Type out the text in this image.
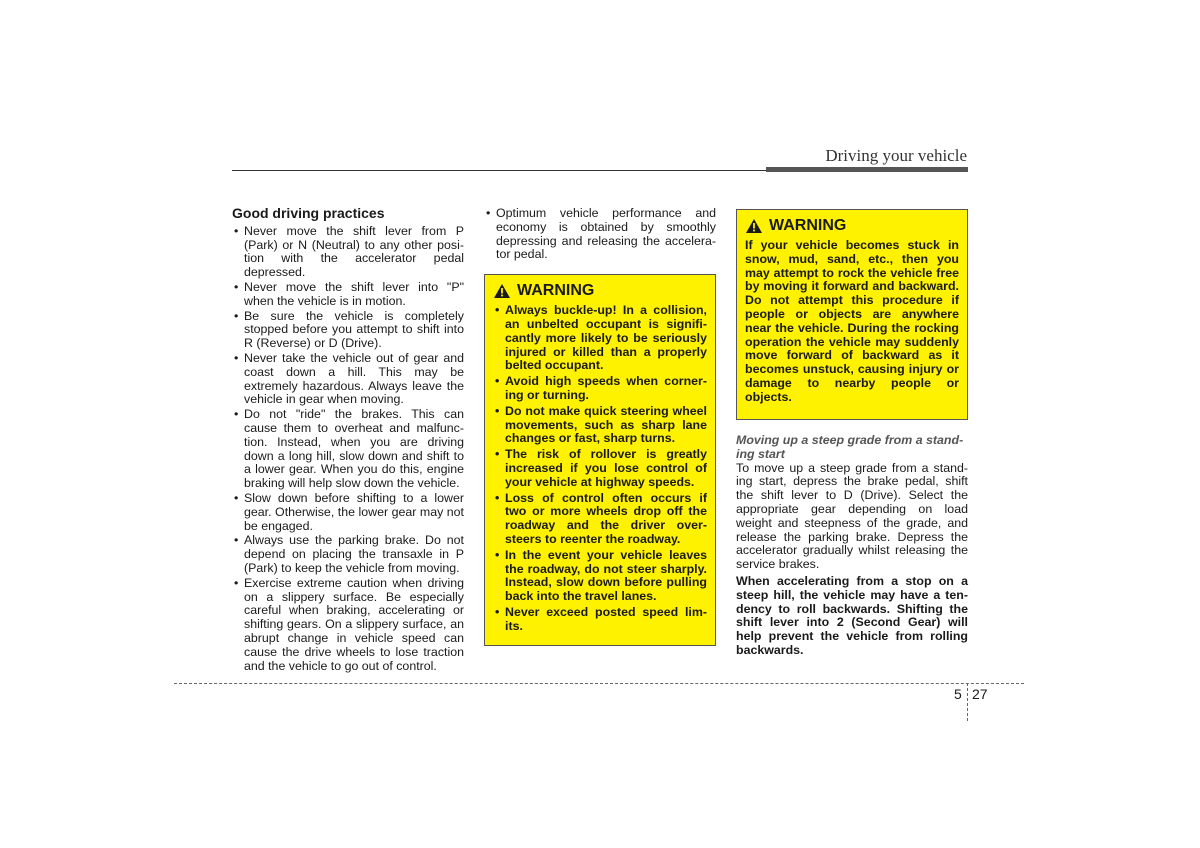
Driving your vehicle
Good driving practices
• Never move the shift lever from P (Park) or N (Neutral) to any other posi-tion with the accelerator pedal depressed.
• Never move the shift lever into "P" when the vehicle is in motion.
• Be sure the vehicle is completely stopped before you attempt to shift into R (Reverse) or D (Drive).
• Never take the vehicle out of gear and coast down a hill. This may be extremely hazardous. Always leave the vehicle in gear when moving.
• Do not "ride" the brakes. This can cause them to overheat and malfunc-tion. Instead, when you are driving down a long hill, slow down and shift to a lower gear. When you do this, engine braking will help slow down the vehicle.
• Slow down before shifting to a lower gear. Otherwise, the lower gear may not be engaged.
• Always use the parking brake. Do not depend on placing the transaxle in P (Park) to keep the vehicle from moving.
• Exercise extreme caution when driving on a slippery surface. Be especially careful when braking, accelerating or shifting gears. On a slippery surface, an abrupt change in vehicle speed can cause the drive wheels to lose traction and the vehicle to go out of control.
• Optimum vehicle performance and economy is obtained by smoothly depressing and releasing the accelera-tor pedal.
WARNING
• Always buckle-up! In a collision, an unbelted occupant is signifi-cantly more likely to be seriously injured or killed than a properly belted occupant.
• Avoid high speeds when corner-ing or turning.
• Do not make quick steering wheel movements, such as sharp lane changes or fast, sharp turns.
• The risk of rollover is greatly increased if you lose control of your vehicle at highway speeds.
• Loss of control often occurs if two or more wheels drop off the roadway and the driver over-steers to reenter the roadway.
• In the event your vehicle leaves the roadway, do not steer sharply. Instead, slow down before pulling back into the travel lanes.
• Never exceed posted speed lim-its.
WARNING
If your vehicle becomes stuck in snow, mud, sand, etc., then you may attempt to rock the vehicle free by moving it forward and backward. Do not attempt this procedure if people or objects are anywhere near the vehicle. During the rocking operation the vehicle may suddenly move forward of backward as it becomes unstuck, causing injury or damage to nearby people or objects.
Moving up a steep grade from a stand-ing start

To move up a steep grade from a stand-ing start, depress the brake pedal, shift the shift lever to D (Drive). Select the appropriate gear depending on load weight and steepness of the grade, and release the parking brake. Depress the accelerator gradually whilst releasing the service brakes.

When accelerating from a stop on a steep hill, the vehicle may have a ten-dency to roll backwards. Shifting the shift lever into 2 (Second Gear) will help prevent the vehicle from rolling backwards.

5 27
